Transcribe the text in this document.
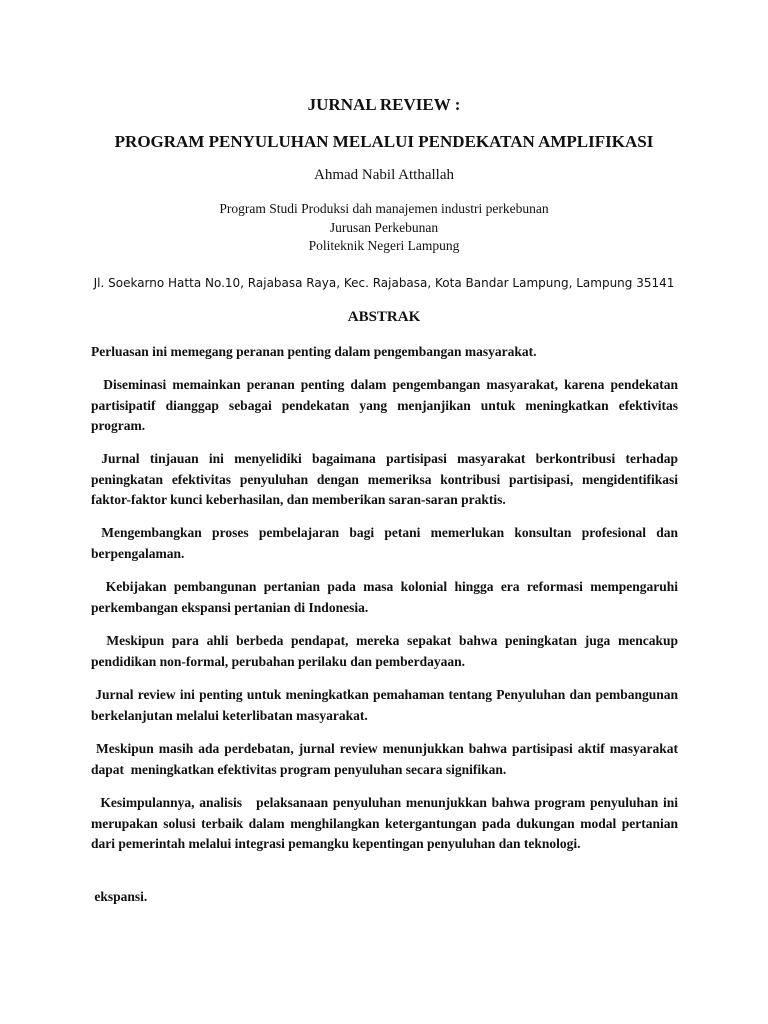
JURNAL REVIEW :
PROGRAM PENYULUHAN MELALUI PENDEKATAN AMPLIFIKASI
Ahmad Nabil Atthallah
Program Studi Produksi dah manajemen industri perkebunan
Jurusan Perkebunan
Politeknik Negeri Lampung
Jl. Soekarno Hatta No.10, Rajabasa Raya, Kec. Rajabasa, Kota Bandar Lampung, Lampung 35141
ABSTRAK

Perluasan ini memegang peranan penting dalam pengembangan masyarakat.

Diseminasi memainkan peranan penting dalam pengembangan masyarakat, karena pendekatan partisipatif dianggap sebagai pendekatan yang menjanjikan untuk meningkatkan efektivitas program.

Jurnal tinjauan ini menyelidiki bagaimana partisipasi masyarakat berkontribusi terhadap peningkatan efektivitas penyuluhan dengan memeriksa kontribusi partisipasi, mengidentifikasi faktor-faktor kunci keberhasilan, dan memberikan saran-saran praktis.

Mengembangkan proses pembelajaran bagi petani memerlukan konsultan profesional dan berpengalaman.

Kebijakan pembangunan pertanian pada masa kolonial hingga era reformasi mempengaruhi perkembangan ekspansi pertanian di Indonesia.

Meskipun para ahli berbeda pendapat, mereka sepakat bahwa peningkatan juga mencakup pendidikan non-formal, perubahan perilaku dan pemberdayaan.

Jurnal review ini penting untuk meningkatkan pemahaman tentang Penyuluhan dan pembangunan berkelanjutan melalui keterlibatan masyarakat.

Meskipun masih ada perdebatan, jurnal review menunjukkan bahwa partisipasi aktif masyarakat dapat  meningkatkan efektivitas program penyuluhan secara signifikan.

Kesimpulannya, analisis   pelaksanaan penyuluhan menunjukkan bahwa program penyuluhan ini merupakan solusi terbaik dalam menghilangkan ketergantungan pada dukungan modal pertanian dari pemerintah melalui integrasi pemangku kepentingan penyuluhan dan teknologi.

ekspansi.
